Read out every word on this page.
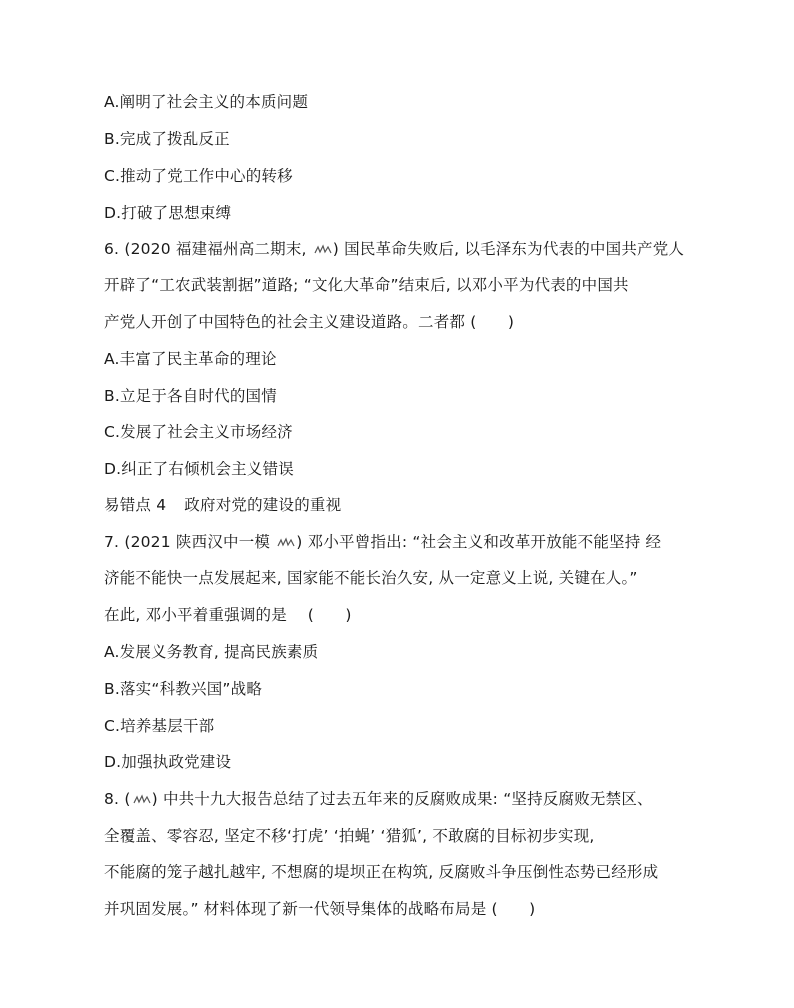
A.阐明了社会主义的本质问题
B.完成了拨乱反正
C.推动了党工作中心的转移
D.打破了思想束缚
6. (2020 福建福州高二期末,
) 国民革命失败后, 以毛泽东为代表的中国共产党人
开辟了“工农武装割据”道路; “文化大革命”结束后, 以邓小平为代表的中国共
产党人开创了中国特色的社会主义建设道路。二者都 (　　)
A.丰富了民主革命的理论
B.立足于各自时代的国情
C.发展了社会主义市场经济
D.纠正了右倾机会主义错误
易错点 4 政府对党的建设的重视
7. (2021 陕西汉中一模
) 邓小平曾指出: “社会主义和改革开放能不能坚持 经
济能不能快一点发展起来, 国家能不能长治久安, 从一定意义上说, 关键在人。”
在此, 邓小平着重强调的是 　(　　)
A.发展义务教育, 提高民族素质
B.落实“科教兴国”战略
C.培养基层干部
D.加强执政党建设
8. ( ) 中共十九大报告总结了过去五年来的反腐败成果: “坚持反腐败无禁区、
全覆盖、零容忍, 坚定不移‘打虎’ ‘拍蝇’ ‘猎狐’, 不敢腐的目标初步实现,
不能腐的笼子越扎越牢, 不想腐的堤坝正在构筑, 反腐败斗争压倒性态势已经形成
并巩固发展。” 材料体现了新一代领导集体的战略布局是 (　　)
